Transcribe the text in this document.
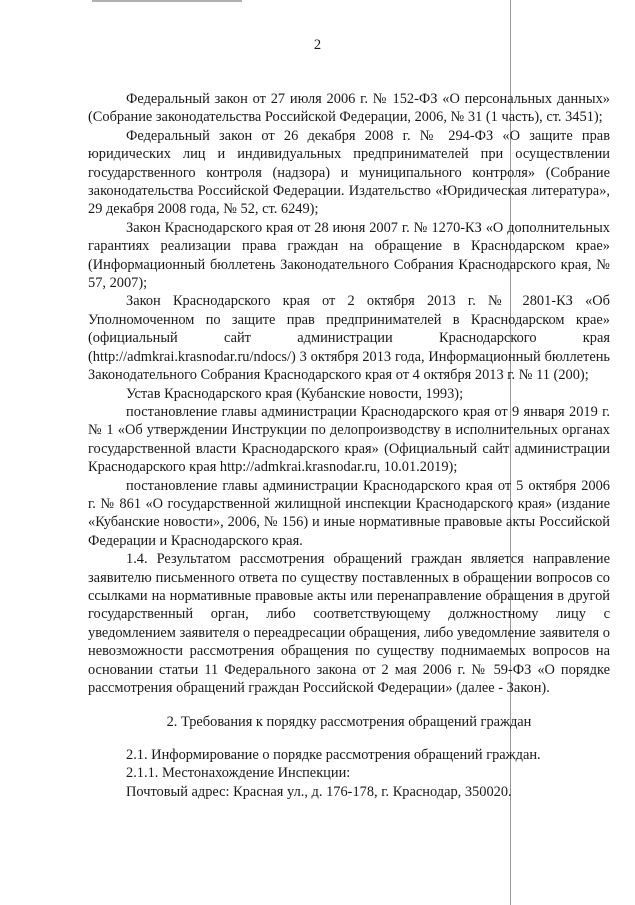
2

Федеральный закон от 27 июля 2006 г. № 152-ФЗ «О персональных данных» (Собрание законодательства Российской Федерации, 2006, № 31 (1 часть), ст. 3451);

Федеральный закон от 26 декабря 2008 г. № 294-ФЗ «О защите прав юридических лиц и индивидуальных предпринимателей при осуществлении государственного контроля (надзора) и муниципального контроля» (Собрание законодательства Российской Федерации. Издательство «Юридическая литература», 29 декабря 2008 года, № 52, ст. 6249);

Закон Краснодарского края от 28 июня 2007 г. № 1270-КЗ «О дополнительных гарантиях реализации права граждан на обращение в Краснодарском крае» (Информационный бюллетень Законодательного Собрания Краснодарского края, № 57, 2007);

Закон Краснодарского края от 2 октября 2013 г. № 2801-КЗ «Об Уполномоченном по защите прав предпринимателей в Краснодарском крае» (официальный сайт администрации Краснодарского края (http://admkrai.krasnodar.ru/ndocs/) 3 октября 2013 года, Информационный бюллетень Законодательного Собрания Краснодарского края от 4 октября 2013 г. № 11 (200);

Устав Краснодарского края (Кубанские новости, 1993);

постановление главы администрации Краснодарского края от 9 января 2019 г. № 1 «Об утверждении Инструкции по делопроизводству в исполнительных органах государственной власти Краснодарского края» (Официальный сайт администрации Краснодарского края http://admkrai.krasnodar.ru, 10.01.2019);

постановление главы администрации Краснодарского края от 5 октября 2006 г. № 861 «О государственной жилищной инспекции Краснодарского края» (издание «Кубанские новости», 2006, № 156) и иные нормативные правовые акты Российской Федерации и Краснодарского края.

1.4. Результатом рассмотрения обращений граждан является направление заявителю письменного ответа по существу поставленных в обращении вопросов со ссылками на нормативные правовые акты или перенаправление обращения в другой государственный орган, либо соответствующему должностному лицу с уведомлением заявителя о переадресации обращения, либо уведомление заявителя о невозможности рассмотрения обращения по существу поднимаемых вопросов на основании статьи 11 Федерального закона от 2 мая 2006 г. № 59-ФЗ «О порядке рассмотрения обращений граждан Российской Федерации» (далее - Закон).

2. Требования к порядку рассмотрения обращений граждан

2.1. Информирование о порядке рассмотрения обращений граждан.

2.1.1. Местонахождение Инспекции:

Почтовый адрес: Красная ул., д. 176-178, г. Краснодар, 350020.
